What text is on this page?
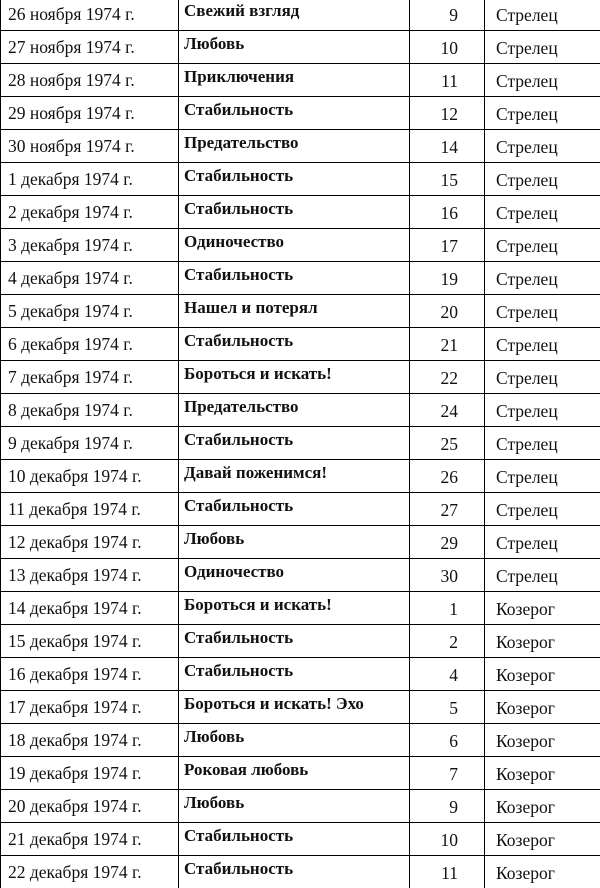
26 ноября 1974 г.	Свежий взгляд	9	Стрелец
27 ноября 1974 г.	Любовь	10	Стрелец
28 ноября 1974 г.	Приключения	11	Стрелец
29 ноября 1974 г.	Стабильность	12	Стрелец
30 ноября 1974 г.	Предательство	14	Стрелец
1 декабря 1974 г.	Стабильность	15	Стрелец
2 декабря 1974 г.	Стабильность	16	Стрелец
3 декабря 1974 г.	Одиночество	17	Стрелец
4 декабря 1974 г.	Стабильность	19	Стрелец
5 декабря 1974 г.	Нашел и потерял	20	Стрелец
6 декабря 1974 г.	Стабильность	21	Стрелец
7 декабря 1974 г.	Бороться и искать!	22	Стрелец
8 декабря 1974 г.	Предательство	24	Стрелец
9 декабря 1974 г.	Стабильность	25	Стрелец
10 декабря 1974 г.	Давай поженимся!	26	Стрелец
11 декабря 1974 г.	Стабильность	27	Стрелец
12 декабря 1974 г.	Любовь	29	Стрелец
13 декабря 1974 г.	Одиночество	30	Стрелец
14 декабря 1974 г.	Бороться и искать!	1	Козерог
15 декабря 1974 г.	Стабильность	2	Козерог
16 декабря 1974 г.	Стабильность	4	Козерог
17 декабря 1974 г.	Бороться и искать! Эхо	5	Козерог
18 декабря 1974 г.	Любовь	6	Козерог
19 декабря 1974 г.	Роковая любовь	7	Козерог
20 декабря 1974 г.	Любовь	9	Козерог
21 декабря 1974 г.	Стабильность	10	Козерог
22 декабря 1974 г.	Стабильность	11	Козерог
